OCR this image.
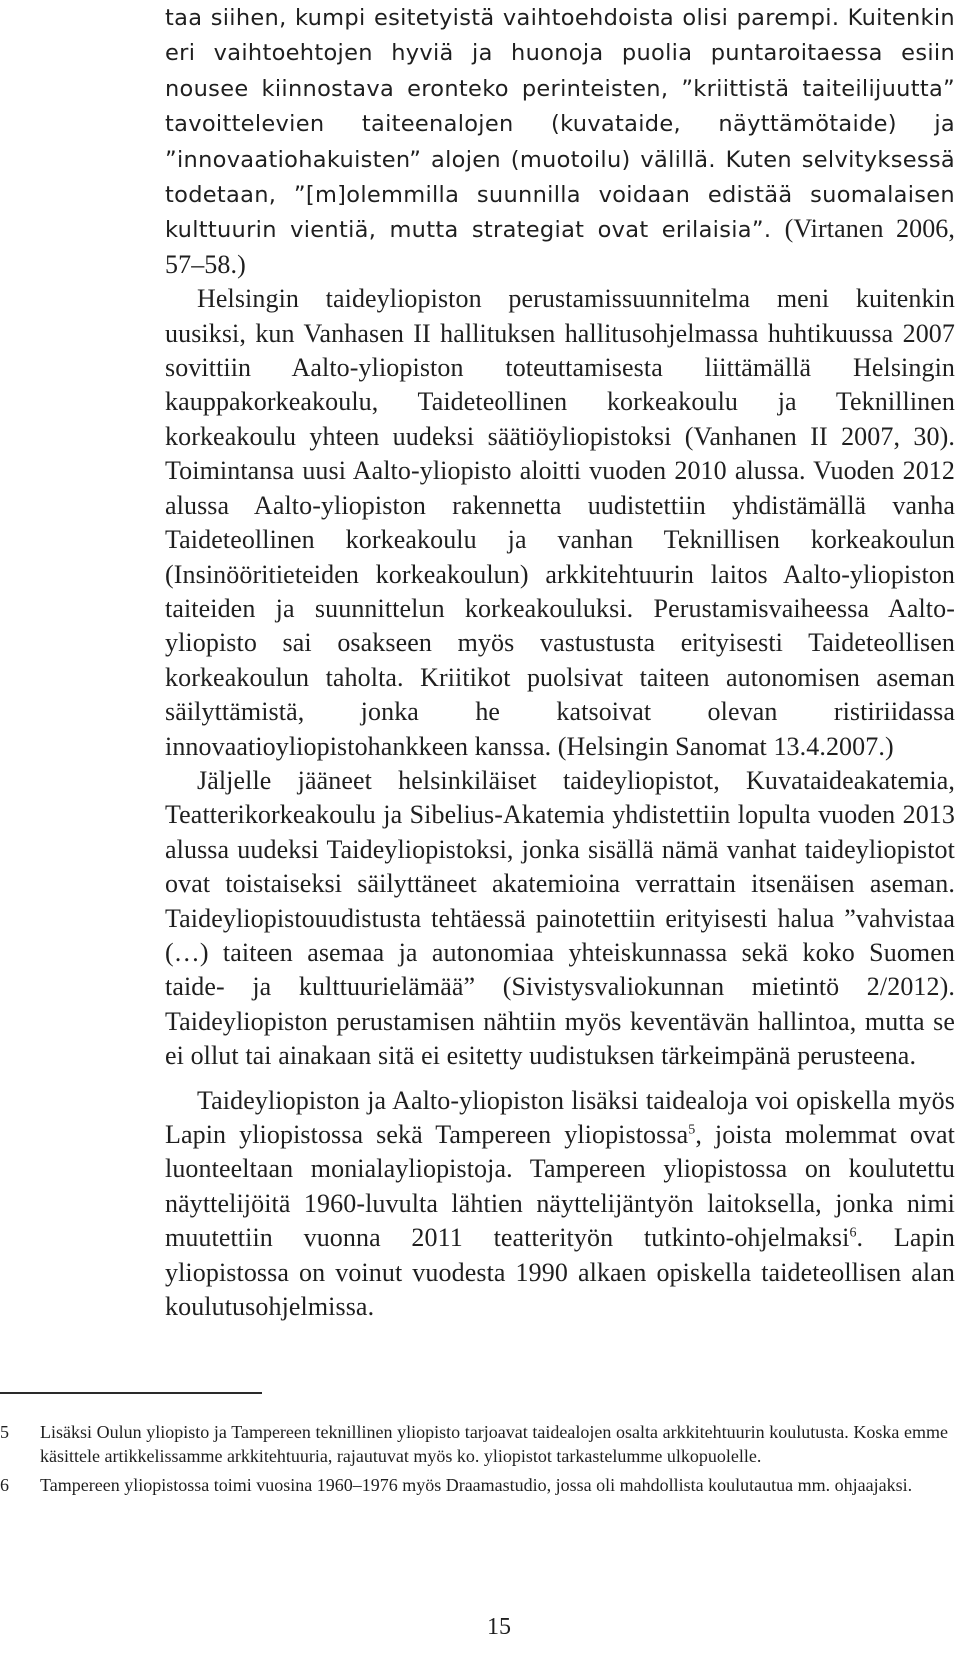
taa siihen, kumpi esitetyistä vaihtoehdoista olisi parempi. Kuitenkin eri vaihtoehtojen hyviä ja huonoja puolia puntaroitaessa esiin nousee kiinnostava eronteko perinteisten, ”kriittistä taiteilijuutta” tavoittelevien taiteenalojen (kuvataide, näyttämötaide) ja ”innovaatiohakuisten” alojen (muotoilu) välillä. Kuten selvityksessä todetaan, ”[m]olemmilla suunnilla voidaan edistää suomalaisen kulttuurin vientiä, mutta strategiat ovat erilaisia”. (Virtanen 2006, 57–58.)

Helsingin taideyliopiston perustamissuunnitelma meni kuitenkin uusiksi, kun Vanhasen II hallituksen hallitusohjelmassa huhtikuussa 2007 sovittiin Aalto-yliopiston toteuttamisesta liittämällä Helsingin kauppakorkeakoulu, Taideteollinen korkeakoulu ja Teknillinen korkeakoulu yhteen uudeksi säätiöyliopistoksi (Vanhanen II 2007, 30). Toimintansa uusi Aalto-yliopisto aloitti vuoden 2010 alussa. Vuoden 2012 alussa Aalto-yliopiston rakennetta uudistettiin yhdistämällä vanha Taideteollinen korkeakoulu ja vanhan Teknillisen korkeakoulun (Insinööritieteiden korkeakoulun) arkkitehtuurin laitos Aalto-yliopiston taiteiden ja suunnittelun korkeakouluksi. Perustamisvaiheessa Aalto-yliopisto sai osakseen myös vastustusta erityisesti Taideteollisen korkeakoulun taholta. Kriitikot puolsivat taiteen autonomisen aseman säilyttämistä, jonka he katsoivat olevan ristiriidassa innovaatioyliopistohankkeen kanssa. (Helsingin Sanomat 13.4.2007.)

Jäljelle jääneet helsinkiläiset taideyliopistot, Kuvataideakatemia, Teatterikorkeakoulu ja Sibelius-Akatemia yhdistettiin lopulta vuoden 2013 alussa uudeksi Taideyliopistoksi, jonka sisällä nämä vanhat taideyliopistot ovat toistaiseksi säilyttäneet akatemioina verrattain itsenäisen aseman. Taideyliopistouudistusta tehtäessä painotettiin erityisesti halua ”vahvistaa (…) taiteen asemaa ja autonomiaa yhteiskunnassa sekä koko Suomen taide- ja kulttuurielämää” (Sivistysvaliokunnan mietintö 2/2012). Taideyliopiston perustamisen nähtiin myös keventävän hallintoa, mutta se ei ollut tai ainakaan sitä ei esitetty uudistuksen tärkeimpänä perusteena.

Taideyliopiston ja Aalto-yliopiston lisäksi taidealoja voi opiskella myös Lapin yliopistossa sekä Tampereen yliopistossa$^5$, joista molemmat ovat luonteeltaan monialayliopistoja. Tampereen yliopistossa on koulutettu näyttelijöitä 1960-luvulta lähtien näyttelijäntyön laitoksella, jonka nimi muutettiin vuonna 2011 teatterityön tutkinto-ohjelmaksi$^6$. Lapin yliopistossa on voinut vuodesta 1990 alkaen opiskella taideteollisen alan koulutusohjelmissa.

5 Lisäksi Oulun yliopisto ja Tampereen teknillinen yliopisto tarjoavat taidealojen osalta arkkitehtuurin koulutusta. Koska emme käsittele artikkelissamme arkkitehtuuria, rajautuvat myös ko. yliopistot tarkastelumme ulkopuolelle.
6 Tampereen yliopistossa toimi vuosina 1960–1976 myös Draamastudio, jossa oli mahdollista koulutautua mm. ohjaajaksi.
15
